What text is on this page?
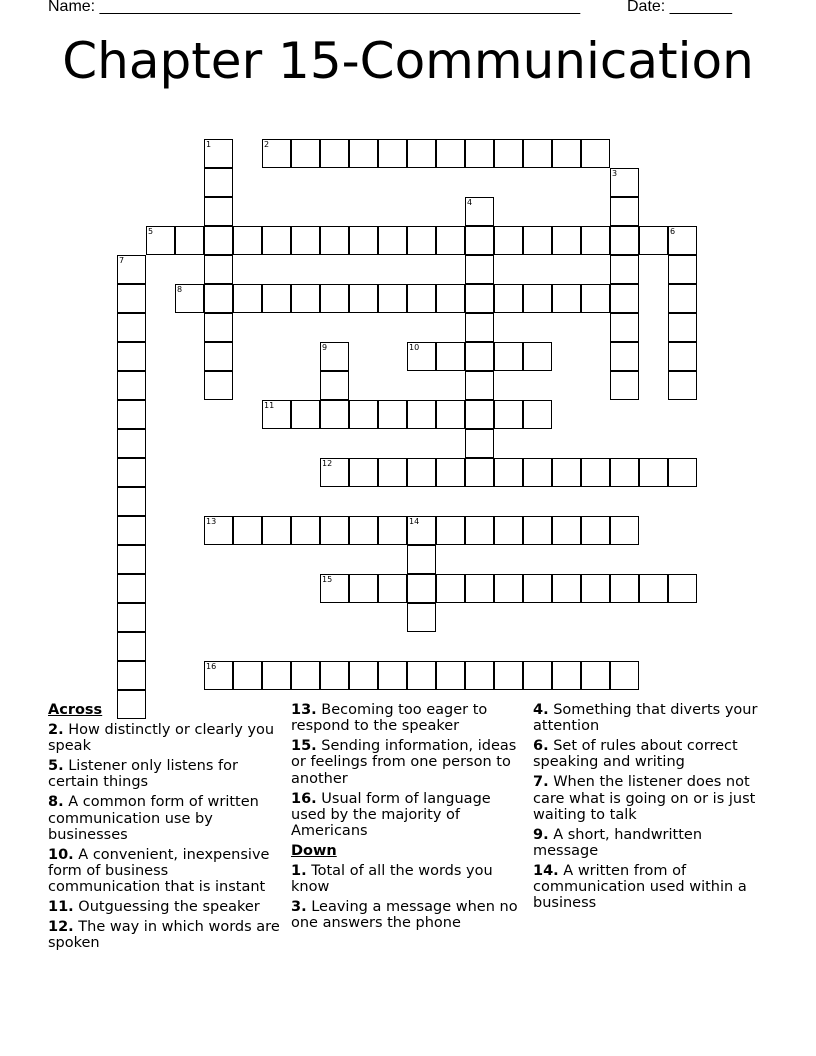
Name: ______________________________________________________	Date: _______
Chapter 15-Communication
1	2
3
4
5	6
7
8
9	10
11
12
13	14
15
16
Across
2. How distinctly or clearly you speak
5. Listener only listens for certain things
8. A common form of written communication use by businesses
10. A convenient, inexpensive form of business communication that is instant
11. Outguessing the speaker
12. The way in which words are spoken
13. Becoming too eager to respond to the speaker
15. Sending information, ideas or feelings from one person to another
16. Usual form of language used by the majority of Americans
Down
1. Total of all the words you know
3. Leaving a message when no one answers the phone
4. Something that diverts your attention
6. Set of rules about correct speaking and writing
7. When the listener does not care what is going on or is just waiting to talk
9. A short, handwritten message
14. A written from of communication used within a business
